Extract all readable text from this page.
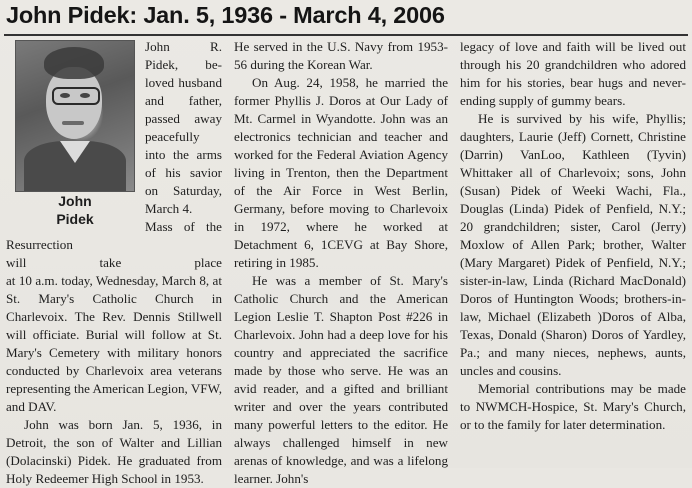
John Pidek: Jan. 5, 1936 - March 4, 2006
John
Pidek
John R.
Pidek, be-
loved husband
and father,
passed away
peacefully
into the arms
of his savior
on Saturday,
March 4.
Mass of the
Resurrection
will take place

at 10 a.m. today, Wednesday, March 8, at St. Mary's Catholic Church in Charlevoix. The Rev. Dennis Stillwell will officiate. Burial will follow at St. Mary's Cemetery with military honors conducted by Charlevoix area veterans representing the American Legion, VFW, and DAV.

John was born Jan. 5, 1936, in Detroit, the son of Walter and Lillian (Dolacinski) Pidek. He graduated from Holy Redeemer High School in 1953.

He served in the U.S. Navy from 1953-56 during the Korean War.

On Aug. 24, 1958, he married the former Phyllis J. Doros at Our Lady of Mt. Carmel in Wyandotte. John was an electronics technician and teacher and worked for the Federal Aviation Agency living in Trenton, then the Department of the Air Force in West Berlin, Germany, before moving to Charlevoix in 1972, where he worked at Detachment 6, 1CEVG at Bay Shore, retiring in 1985.

He was a member of St. Mary's Catholic Church and the American Legion Leslie T. Shapton Post #226 in Charlevoix. John had a deep love for his country and appreciated the sacrifice made by those who serve. He was an avid reader, and a gifted and brilliant writer and over the years contributed many powerful letters to the editor. He always challenged himself in new arenas of knowledge, and was a lifelong learner. John's

legacy of love and faith will be lived out through his 20 grandchildren who adored him for his stories, bear hugs and never-ending supply of gummy bears.

He is survived by his wife, Phyllis; daughters, Laurie (Jeff) Cornett, Christine (Darrin) VanLoo, Kathleen (Tyvin) Whittaker all of Charlevoix; sons, John (Susan) Pidek of Weeki Wachi, Fla., Douglas (Linda) Pidek of Penfield, N.Y.; 20 grandchildren; sister, Carol (Jerry) Moxlow of Allen Park; brother, Walter (Mary Margaret) Pidek of Penfield, N.Y.; sister-in-law, Linda (Richard MacDonald) Doros of Huntington Woods; brothers-in-law, Michael (Elizabeth )Doros of Alba, Texas, Donald (Sharon) Doros of Yardley, Pa.; and many nieces, nephews, aunts, uncles and cousins.

Memorial contributions may be made to NWMCH-Hospice, St. Mary's Church, or to the family for later determination.
